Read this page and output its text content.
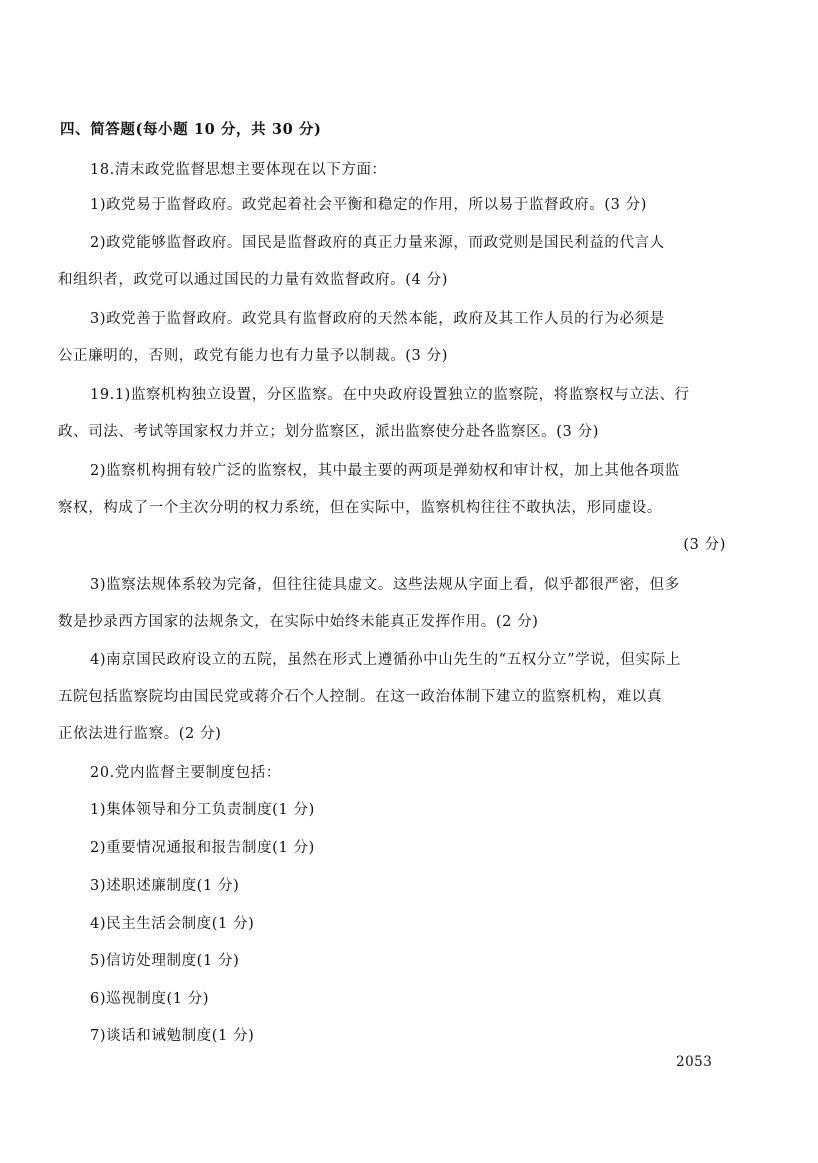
四、简答题(每小题 10 分，共 30 分)
18.清末政党监督思想主要体现在以下方面：
1)政党易于监督政府。政党起着社会平衡和稳定的作用，所以易于监督政府。(3 分)
2)政党能够监督政府。国民是监督政府的真正力量来源，而政党则是国民利益的代言人
和组织者，政党可以通过国民的力量有效监督政府。(4 分)
3)政党善于监督政府。政党具有监督政府的天然本能，政府及其工作人员的行为必须是
公正廉明的，否则，政党有能力也有力量予以制裁。(3 分)
19.1)监察机构独立设置，分区监察。在中央政府设置独立的监察院，将监察权与立法、行
政、司法、考试等国家权力并立；划分监察区，派出监察使分赴各监察区。(3 分)
2)监察机构拥有较广泛的监察权，其中最主要的两项是弹劾权和审计权，加上其他各项监
察权，构成了一个主次分明的权力系统，但在实际中，监察机构往往不敢执法，形同虚设。
(3 分)
3)监察法规体系较为完备，但往往徒具虚文。这些法规从字面上看，似乎都很严密，但多
数是抄录西方国家的法规条文，在实际中始终未能真正发挥作用。(2 分)
4)南京国民政府设立的五院，虽然在形式上遵循孙中山先生的“五权分立”学说，但实际上
五院包括监察院均由国民党或蒋介石个人控制。在这一政治体制下建立的监察机构，难以真
正依法进行监察。(2 分)
20.党内监督主要制度包括：
1)集体领导和分工负责制度(1 分)
2)重要情况通报和报告制度(1 分)
3)述职述廉制度(1 分)
4)民主生活会制度(1 分)
5)信访处理制度(1 分)
6)巡视制度(1 分)
7)谈话和诫勉制度(1 分)
2053
